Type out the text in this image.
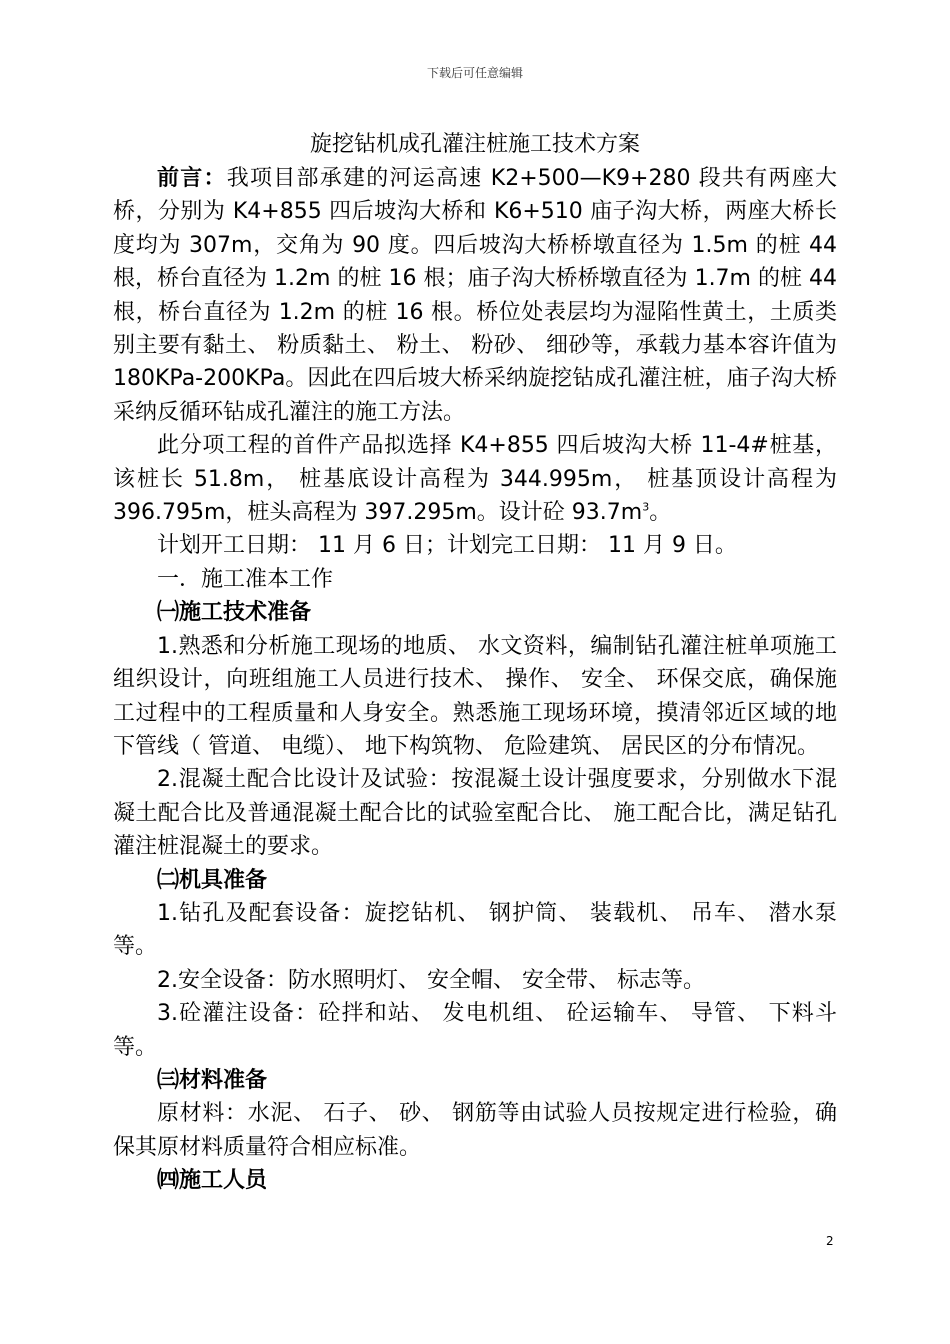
下载后可任意编辑
旋挖钻机成孔灌注桩施工技术方案

前言：我项目部承建的河运高速 K2+500—K9+280 段共有两座大桥，分别为 K4+855 四后坡沟大桥和 K6+510 庙子沟大桥，两座大桥长度均为 307m，交角为 90 度。四后坡沟大桥桥墩直径为 1.5m 的桩 44 根，桥台直径为 1.2m 的桩 16 根；庙子沟大桥桥墩直径为 1.7m 的桩 44 根，桥台直径为 1.2m 的桩 16 根。桥位处表层均为湿陷性黄土，土质类别主要有黏土、 粉质黏土、 粉土、 粉砂、 细砂等，承载力基本容许值为 180KPa-200KPa。因此在四后坡大桥采纳旋挖钻成孔灌注桩，庙子沟大桥采纳反循环钻成孔灌注的施工方法。

此分项工程的首件产品拟选择 K4+855 四后坡沟大桥 11-4#桩基，该桩长 51.8m， 桩基底设计高程为 344.995m， 桩基顶设计高程为 396.795m，桩头高程为 397.295m。设计砼 $93.7m^3$。

计划开工日期： 11 月 6 日；计划完工日期： 11 月 9 日。

一．施工准本工作

㈠施工技术准备

1.熟悉和分析施工现场的地质、 水文资料，编制钻孔灌注桩单项施工组织设计，向班组施工人员进行技术、 操作、 安全、 环保交底，确保施工过程中的工程质量和人身安全。熟悉施工现场环境，摸清邻近区域的地下管线（ 管道、 电缆）、 地下构筑物、 危险建筑、 居民区的分布情况。

2.混凝土配合比设计及试验：按混凝土设计强度要求，分别做水下混凝土配合比及普通混凝土配合比的试验室配合比、 施工配合比，满足钻孔灌注桩混凝土的要求。

㈡机具准备

1.钻孔及配套设备：旋挖钻机、 钢护筒、 装载机、 吊车、 潜水泵等。

2.安全设备：防水照明灯、 安全帽、 安全带、 标志等。

3.砼灌注设备：砼拌和站、 发电机组、 砼运输车、 导管、 下料斗等。

㈢材料准备

原材料：水泥、 石子、 砂、 钢筋等由试验人员按规定进行检验，确保其原材料质量符合相应标准。

㈣施工人员

2
